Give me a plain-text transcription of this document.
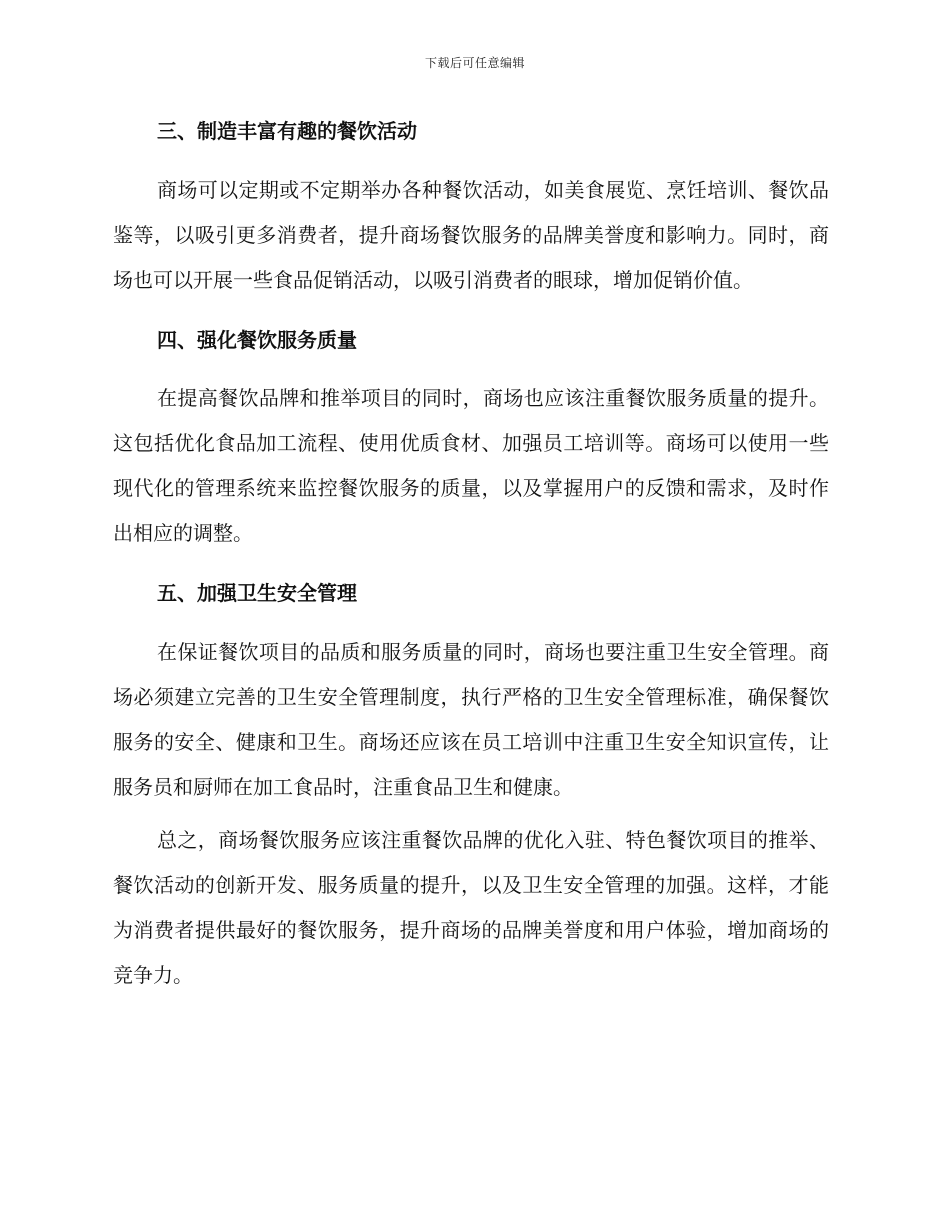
下载后可任意编辑
三、制造丰富有趣的餐饮活动

商场可以定期或不定期举办各种餐饮活动，如美食展览、烹饪培训、餐饮品鉴等，以吸引更多消费者，提升商场餐饮服务的品牌美誉度和影响力。同时，商场也可以开展一些食品促销活动，以吸引消费者的眼球，增加促销价值。

四、强化餐饮服务质量

在提高餐饮品牌和推举项目的同时，商场也应该注重餐饮服务质量的提升。这包括优化食品加工流程、使用优质食材、加强员工培训等。商场可以使用一些现代化的管理系统来监控餐饮服务的质量，以及掌握用户的反馈和需求，及时作出相应的调整。

五、加强卫生安全管理

在保证餐饮项目的品质和服务质量的同时，商场也要注重卫生安全管理。商场必须建立完善的卫生安全管理制度，执行严格的卫生安全管理标准，确保餐饮服务的安全、健康和卫生。商场还应该在员工培训中注重卫生安全知识宣传，让服务员和厨师在加工食品时，注重食品卫生和健康。

总之，商场餐饮服务应该注重餐饮品牌的优化入驻、特色餐饮项目的推举、餐饮活动的创新开发、服务质量的提升，以及卫生安全管理的加强。这样，才能为消费者提供最好的餐饮服务，提升商场的品牌美誉度和用户体验，增加商场的竞争力。
